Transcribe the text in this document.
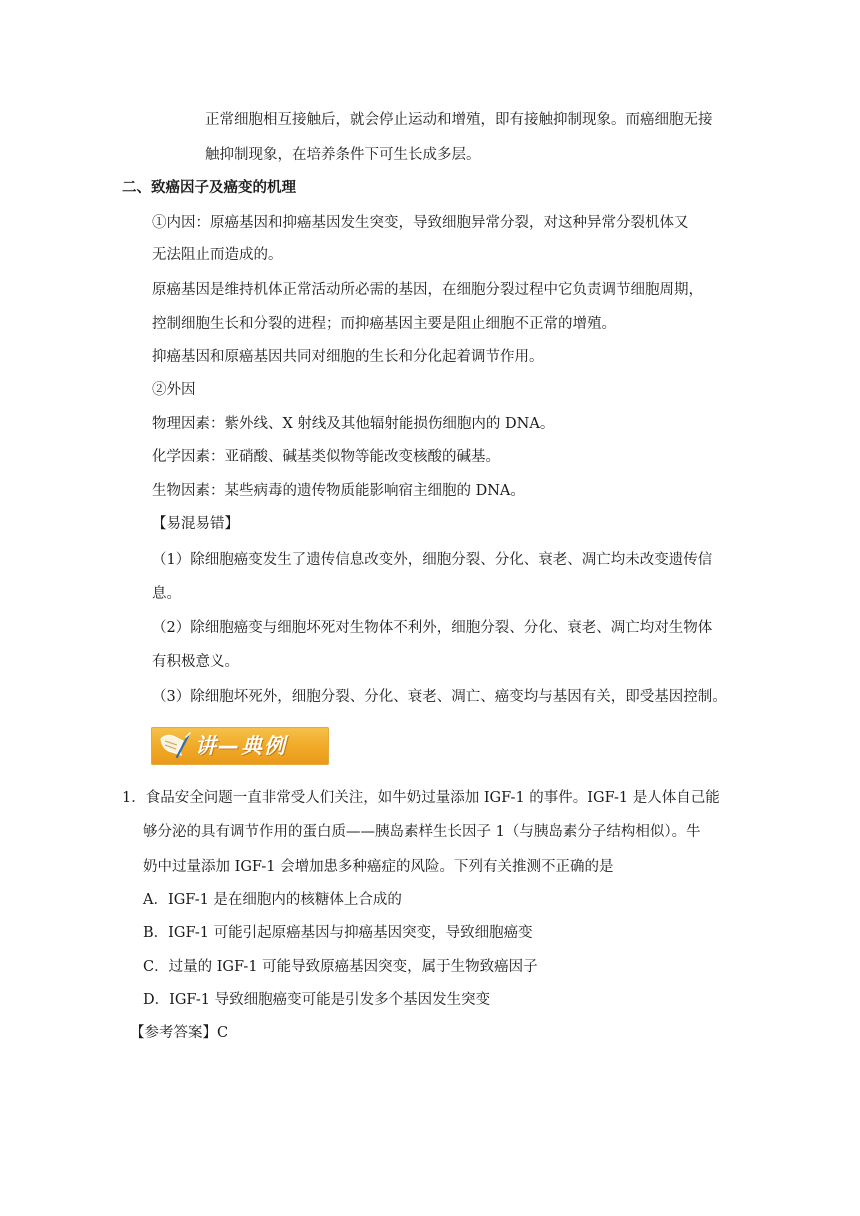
正常细胞相互接触后，就会停止运动和增殖，即有接触抑制现象。而癌细胞无接
触抑制现象，在培养条件下可生长成多层。
二、致癌因子及癌变的机理
①内因：原癌基因和抑癌基因发生突变，导致细胞异常分裂，对这种异常分裂机体又
无法阻止而造成的。
原癌基因是维持机体正常活动所必需的基因，在细胞分裂过程中它负责调节细胞周期，
控制细胞生长和分裂的进程；而抑癌基因主要是阻止细胞不正常的增殖。
抑癌基因和原癌基因共同对细胞的生长和分化起着调节作用。
②外因
物理因素：紫外线、X 射线及其他辐射能损伤细胞内的 DNA。
化学因素：亚硝酸、碱基类似物等能改变核酸的碱基。
生物因素：某些病毒的遗传物质能影响宿主细胞的 DNA。
【易混易错】
（1）除细胞癌变发生了遗传信息改变外，细胞分裂、分化、衰老、凋亡均未改变遗传信
息。
（2）除细胞癌变与细胞坏死对生物体不利外，细胞分裂、分化、衰老、凋亡均对生物体
有积极意义。
（3）除细胞坏死外，细胞分裂、分化、衰老、凋亡、癌变均与基因有关，即受基因控制。
讲—典例
1．食品安全问题一直非常受人们关注，如牛奶过量添加 IGF-1 的事件。IGF-1 是人体自己能
够分泌的具有调节作用的蛋白质——胰岛素样生长因子 1（与胰岛素分子结构相似）。牛
奶中过量添加 IGF-1 会增加患多种癌症的风险。下列有关推测不正确的是
A．IGF-1 是在细胞内的核糖体上合成的
B．IGF-1 可能引起原癌基因与抑癌基因突变，导致细胞癌变
C．过量的 IGF-1 可能导致原癌基因突变，属于生物致癌因子
D．IGF-1 导致细胞癌变可能是引发多个基因发生突变
【参考答案】C
